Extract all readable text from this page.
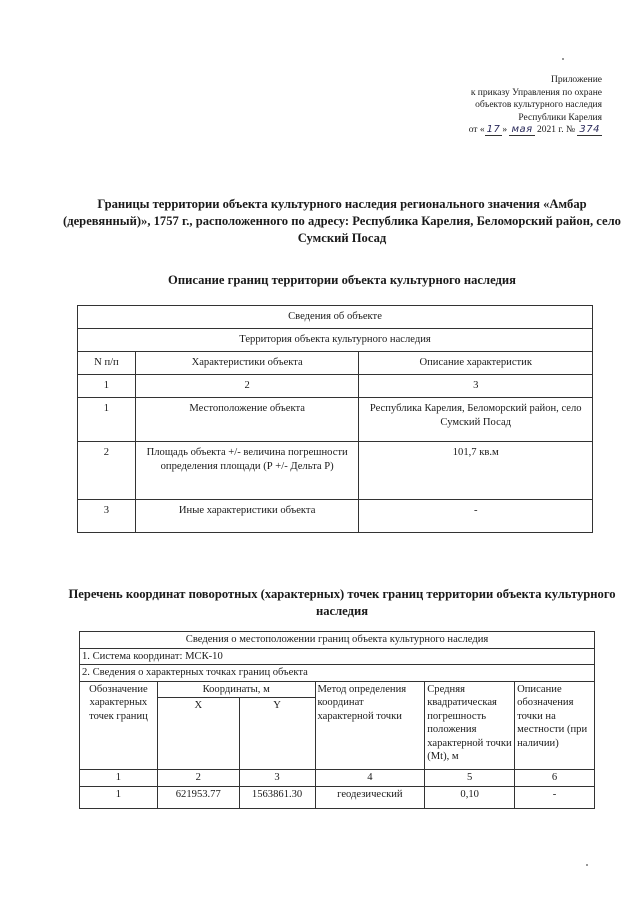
Приложение
к приказу Управления по охране
объектов культурного наследия
Республики Карелия
от « 17 » мая 2021 г. № 374
Границы территории объекта культурного наследия регионального значения «Амбар (деревянный)», 1757 г., расположенного по адресу: Республика Карелия, Беломорский район, село Сумский Посад
Описание границ территории объекта культурного наследия
Сведения об объекте		
Территория объекта культурного наследия		
N п/п	Характеристики объекта	Описание характеристик
1	2	3
1	Местоположение объекта	Республика Карелия, Беломорский район, село Сумский Посад
2	Площадь объекта +/- величина погрешности определения площади (Р +/- Дельта Р)	101,7 кв.м
3	Иные характеристики объекта	-
Перечень координат поворотных (характерных) точек границ территории объекта культурного наследия
Сведения о местоположении границ объекта культурного наследия					
1. Система координат: МСК-10					
2. Сведения о характерных точках границ объекта					
Обозначение характерных точек границ	Координаты, м		Метод определения координат характерной точки	Средняя квадратическая погрешность положения характерной точки (Mt), м	Описание обозначения точки на местности (при наличии)
	X	Y			
1	2	3	4	5	6
1	621953.77	1563861.30	геодезический	0,10	-
